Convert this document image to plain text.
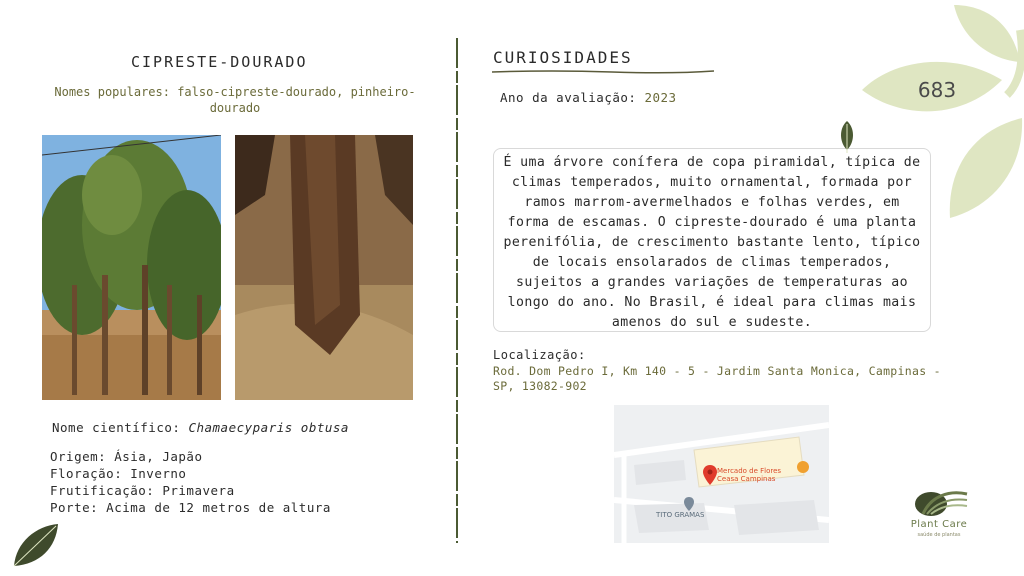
CIPRESTE-DOURADO
Nomes populares: falso-cipreste-dourado, pinheiro-dourado
Nome científico: Chamaecyparis obtusa
Origem: Ásia, Japão
Floração: Inverno
Frutificação: Primavera
Porte: Acima de 12 metros de altura
CURIOSIDADES
Ano da avaliação: 2023
É uma árvore conífera de copa piramidal, típica de climas temperados, muito ornamental, formada por ramos marrom-avermelhados e folhas verdes, em forma de escamas. O cipreste-dourado é uma planta perenifólia, de crescimento bastante lento, típico de locais ensolarados de climas temperados, sujeitos a grandes variações de temperaturas ao longo do ano. No Brasil, é ideal para climas mais amenos do sul e sudeste.
Localização:
Rod. Dom Pedro I, Km 140 - 5 - Jardim Santa Monica, Campinas - SP, 13082-902
Mercado de Flores
Ceasa Campinas
TITO GRAMAS
683
Plant Care
saúde de plantas
